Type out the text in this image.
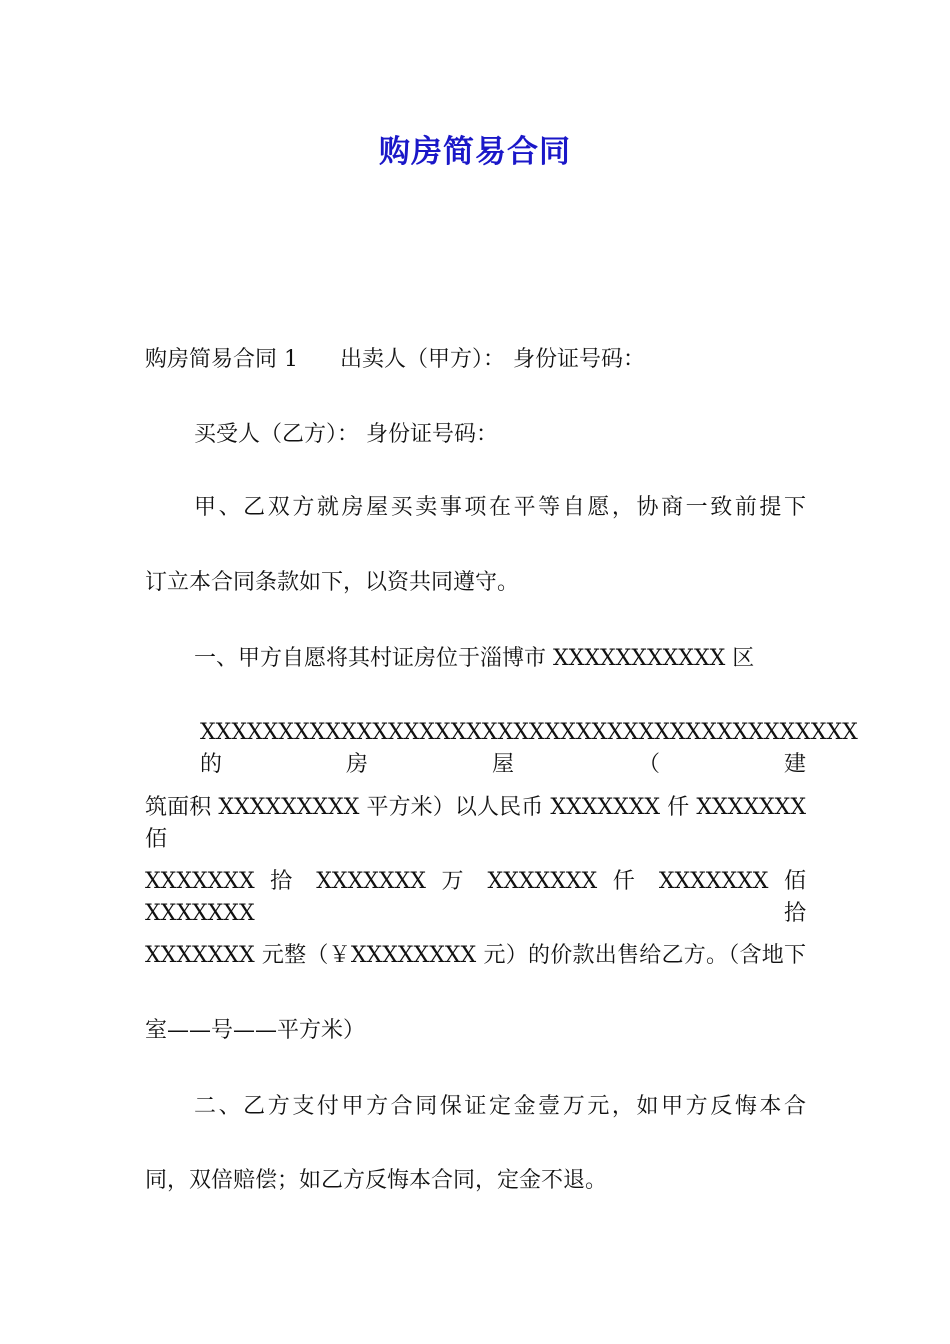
购房简易合同
购房简易合同 1 出卖人（甲方）： 身份证号码：
买受人（乙方）： 身份证号码：
甲、乙双方就房屋买卖事项在平等自愿，协商一致前提下
订立本合同条款如下，以资共同遵守。
一、甲方自愿将其村证房位于淄博市 XXXXXXXXXXX 区
XXXXXXXXXXXXXXXXXXXXXXXXXXXXXXXXXXXXXXXXXX 的房屋（建
筑面积 XXXXXXXXX 平方米）以人民币 XXXXXXX 仟 XXXXXXX 佰
XXXXXXX 拾 XXXXXXX 万 XXXXXXX 仟 XXXXXXX 佰 XXXXXXX 拾
XXXXXXX 元整（￥XXXXXXXX 元）的价款出售给乙方。（含地下
室——号——平方米）
二、乙方支付甲方合同保证定金壹万元，如甲方反悔本合
同，双倍赔偿；如乙方反悔本合同，定金不退。
